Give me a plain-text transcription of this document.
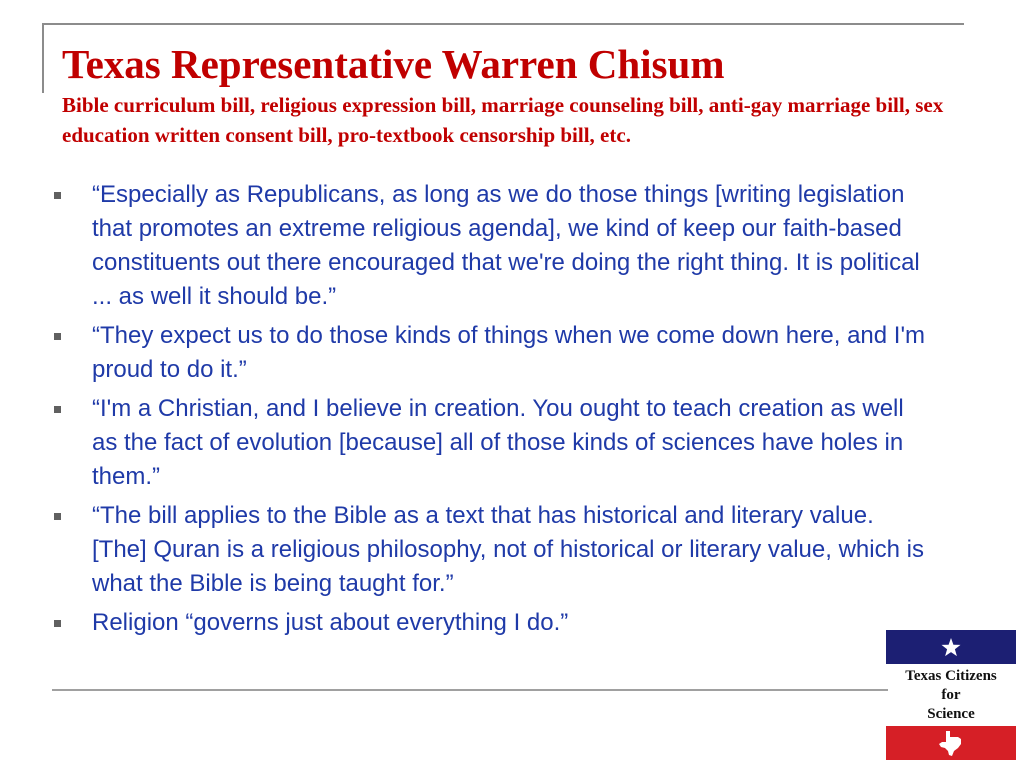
Texas Representative Warren Chisum

Bible curriculum bill, religious expression bill, marriage counseling bill, anti-gay marriage bill, sex education written consent bill, pro-textbook censorship bill, etc.

“Especially as Republicans, as long as we do those things [writing legislation that promotes an extreme religious agenda], we kind of keep our faith-based constituents out there encouraged that we're doing the right thing. It is political ... as well it should be.”
“They expect us to do those kinds of things when we come down here, and I'm proud to do it.”
“I'm a Christian, and I believe in creation. You ought to teach creation as well as the fact of evolution [because] all of those kinds of sciences have holes in them.”
“The bill applies to the Bible as a text that has historical and literary value. [The] Quran is a religious philosophy, not of historical or literary value, which is what the Bible is being taught for.”
Religion “governs just about everything I do.”
Texas Citizens
for
Science
